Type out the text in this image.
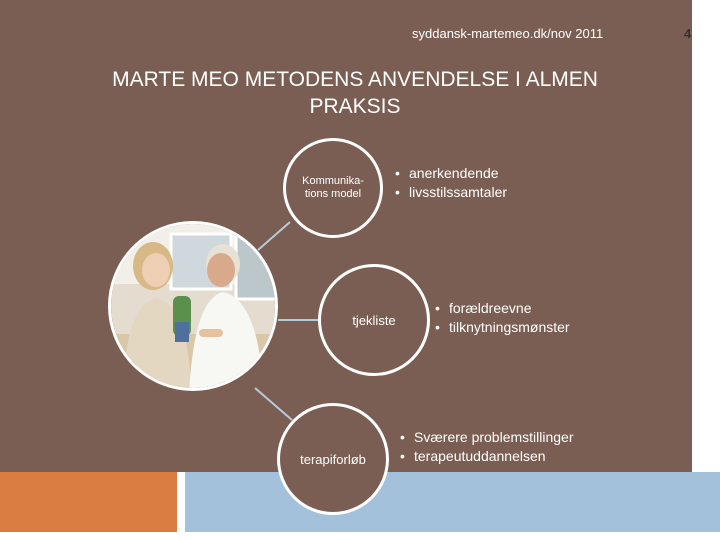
syddansk-martemeo.dk/nov 2011	4
MARTE MEO METODENS ANVENDELSE I ALMEN
PRAKSIS
Kommunika-
tions model
tjekliste
terapiforløb
• anerkendende
• livsstilssamtaler
• forældreevne
• tilknytningsmønster
• Sværere problemstillinger
• terapeutuddannelsen
